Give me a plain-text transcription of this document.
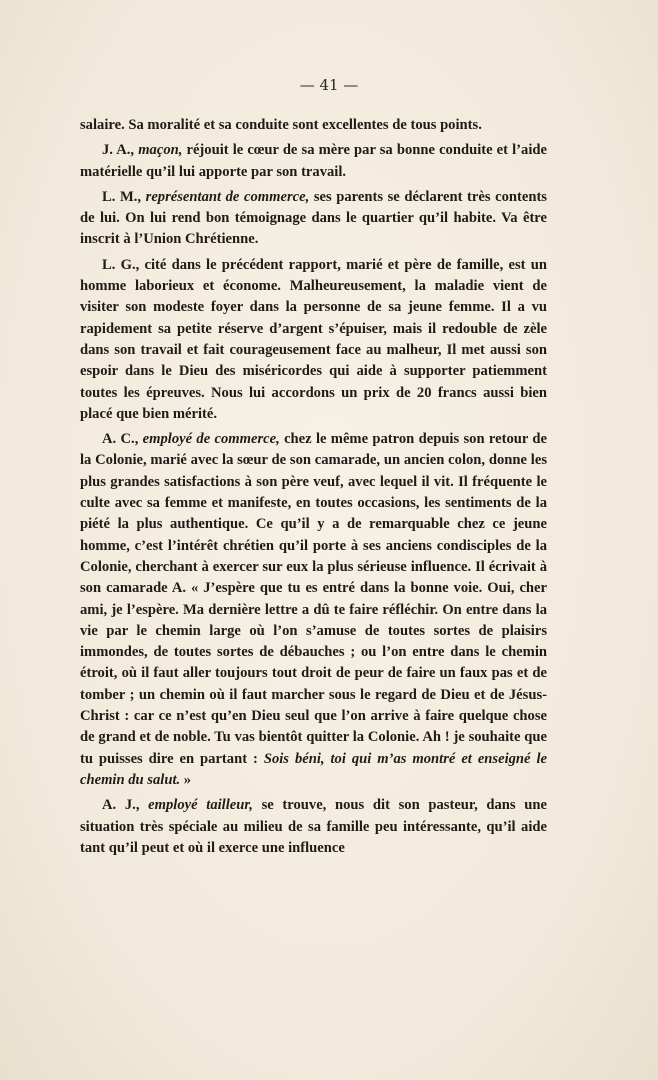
— 41 —

salaire. Sa moralité et sa conduite sont excellentes de tous points.

J. A., maçon, réjouit le cœur de sa mère par sa bonne conduite et l’aide matérielle qu’il lui apporte par son travail.

L. M., représentant de commerce, ses parents se déclarent très contents de lui. On lui rend bon témoignage dans le quartier qu’il habite. Va être inscrit à l’Union Chrétienne.

L. G., cité dans le précédent rapport, marié et père de famille, est un homme laborieux et économe. Malheureusement, la maladie vient de visiter son modeste foyer dans la personne de sa jeune femme. Il a vu rapidement sa petite réserve d’argent s’épuiser, mais il redouble de zèle dans son travail et fait courageusement face au malheur, Il met aussi son espoir dans le Dieu des miséricordes qui aide à supporter patiemment toutes les épreuves. Nous lui accordons un prix de 20 francs aussi bien placé que bien mérité.

A. C., employé de commerce, chez le même patron depuis son retour de la Colonie, marié avec la sœur de son camarade, un ancien colon, donne les plus grandes satisfactions à son père veuf, avec lequel il vit. Il fréquente le culte avec sa femme et manifeste, en toutes occasions, les sentiments de la piété la plus authentique. Ce qu’il y a de remarquable chez ce jeune homme, c’est l’intérêt chrétien qu’il porte à ses anciens condisciples de la Colonie, cherchant à exercer sur eux la plus sérieuse influence. Il écrivait à son camarade A. « J’espère que tu es entré dans la bonne voie. Oui, cher ami, je l’espère. Ma dernière lettre a dû te faire réfléchir. On entre dans la vie par le chemin large où l’on s’amuse de toutes sortes de plaisirs immondes, de toutes sortes de débauches ; ou l’on entre dans le chemin étroit, où il faut aller toujours tout droit de peur de faire un faux pas et de tomber ; un chemin où il faut marcher sous le regard de Dieu et de Jésus-Christ : car ce n’est qu’en Dieu seul que l’on arrive à faire quelque chose de grand et de noble. Tu vas bientôt quitter la Colonie. Ah ! je souhaite que tu puisses dire en partant : Sois béni, toi qui m’as montré et enseigné le chemin du salut. »

A. J., employé tailleur, se trouve, nous dit son pasteur, dans une situation très spéciale au milieu de sa famille peu intéressante, qu’il aide tant qu’il peut et où il exerce une influence
